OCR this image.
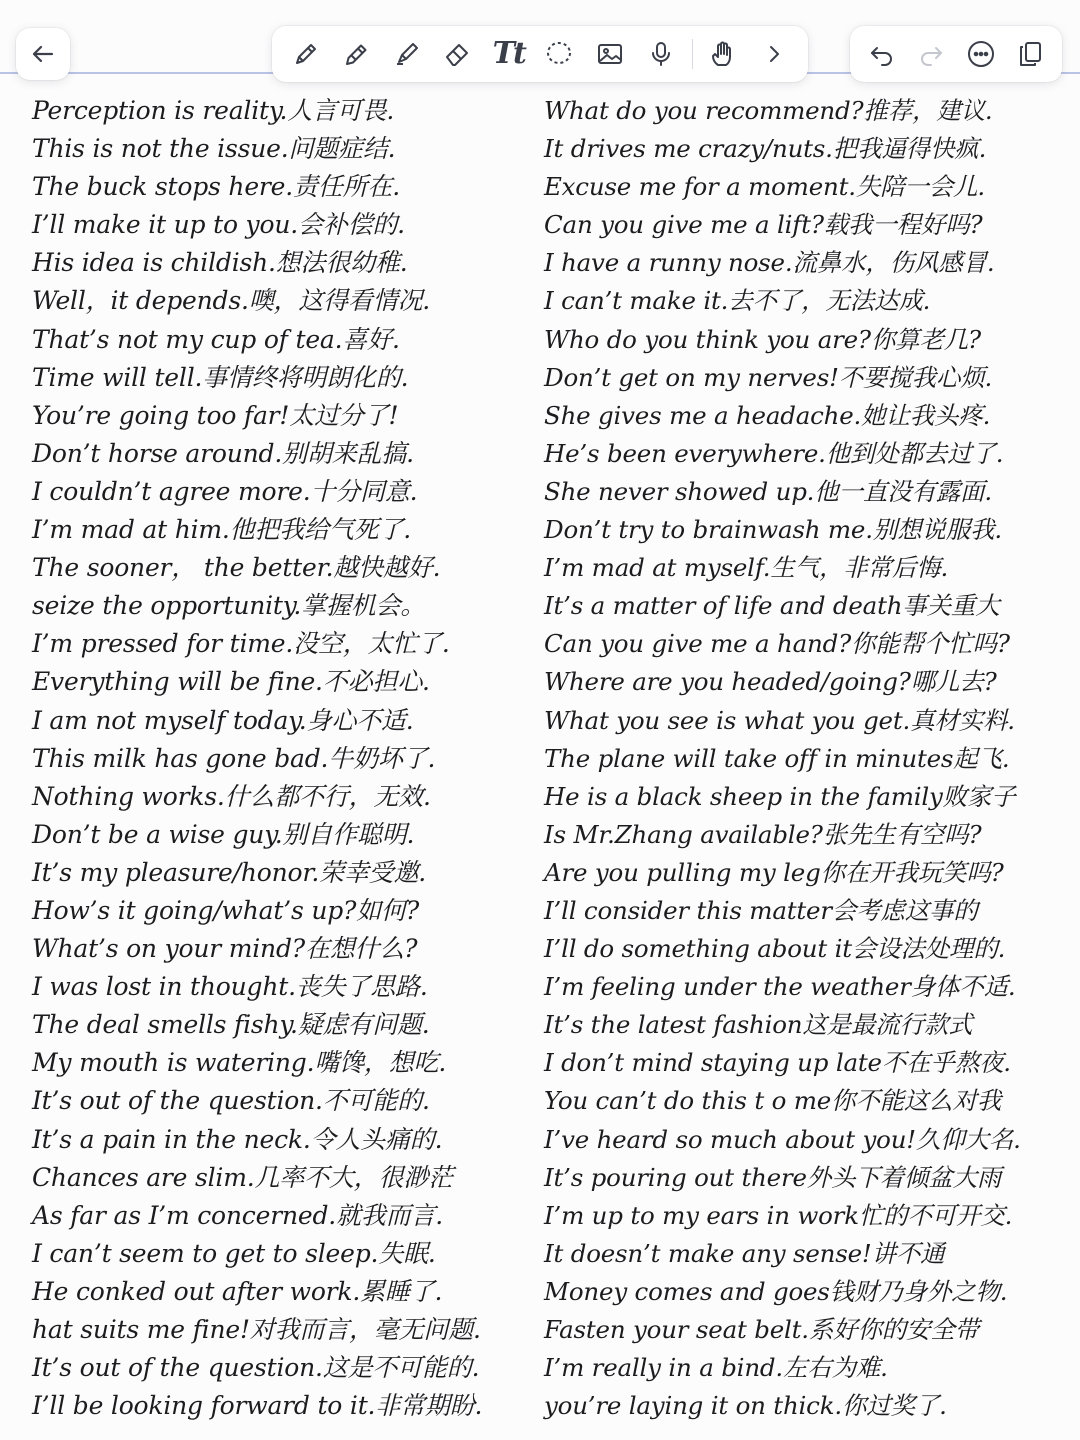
Tt
Perception is reality.人言可畏.
This is not the issue.问题症结.
The buck stops here.责任所在.
I’ll make it up to you.会补偿的.
His idea is childish.想法很幼稚.
Well，it depends.噢，这得看情况.
That’s not my cup of tea.喜好.
Time will tell.事情终将明朗化的.
You’re going too far!太过分了!
Don’t horse around.别胡来乱搞.
I couldn’t agree more.十分同意.
I’m mad at him.他把我给气死了.
The sooner， the better.越快越好.
seize the opportunity.掌握机会。
I’m pressed for time.没空，太忙了.
Everything will be fine.不必担心.
I am not myself today.身心不适.
This milk has gone bad.牛奶坏了.
Nothing works.什么都不行，无效.
Don’t be a wise guy.别自作聪明.
It’s my pleasure/honor.荣幸受邀.
How’s it going/what’s up?如何?
What’s on your mind?在想什么?
I was lost in thought.丧失了思路.
The deal smells fishy.疑虑有问题.
My mouth is watering.嘴馋，想吃.
It’s out of the question.不可能的.
It’s a pain in the neck.令人头痛的.
Chances are slim.几率不大，很渺茫
As far as I’m concerned.就我而言.
I can’t seem to get to sleep.失眠.
He conked out after work.累睡了.
hat suits me fine!对我而言，毫无问题.
It’s out of the question.这是不可能的.
I’ll be looking forward to it.非常期盼.
What do you recommend?推荐，建议.
It drives me crazy/nuts.把我逼得快疯.
Excuse me for a moment.失陪一会儿.
Can you give me a lift?载我一程好吗?
I have a runny nose.流鼻水，伤风感冒.
I can’t make it.去不了，无法达成.
Who do you think you are?你算老几?
Don’t get on my nerves!不要搅我心烦.
She gives me a headache.她让我头疼.
He’s been everywhere.他到处都去过了.
She never showed up.他一直没有露面.
Don’t try to brainwash me.别想说服我.
I’m mad at myself.生气，非常后悔.
It’s a matter of life and death事关重大
Can you give me a hand?你能帮个忙吗?
Where are you headed/going?哪儿去?
What you see is what you get.真材实料.
The plane will take off in minutes起飞.
He is a black sheep in the family败家子
Is Mr.Zhang available?张先生有空吗?
Are you pulling my leg你在开我玩笑吗?
I’ll consider this matter会考虑这事的
I’ll do something about it会设法处理的.
I’m feeling under the weather身体不适.
It’s the latest fashion这是最流行款式
I don’t mind staying up late不在乎熬夜.
You can’t do this t o me你不能这么对我
I’ve heard so much about you!久仰大名.
It’s pouring out there外头下着倾盆大雨
I’m up to my ears in work忙的不可开交.
It doesn’t make any sense!讲不通
Money comes and goes钱财乃身外之物.
Fasten your seat belt.系好你的安全带
I’m really in a bind.左右为难.
you’re laying it on thick.你过奖了.
